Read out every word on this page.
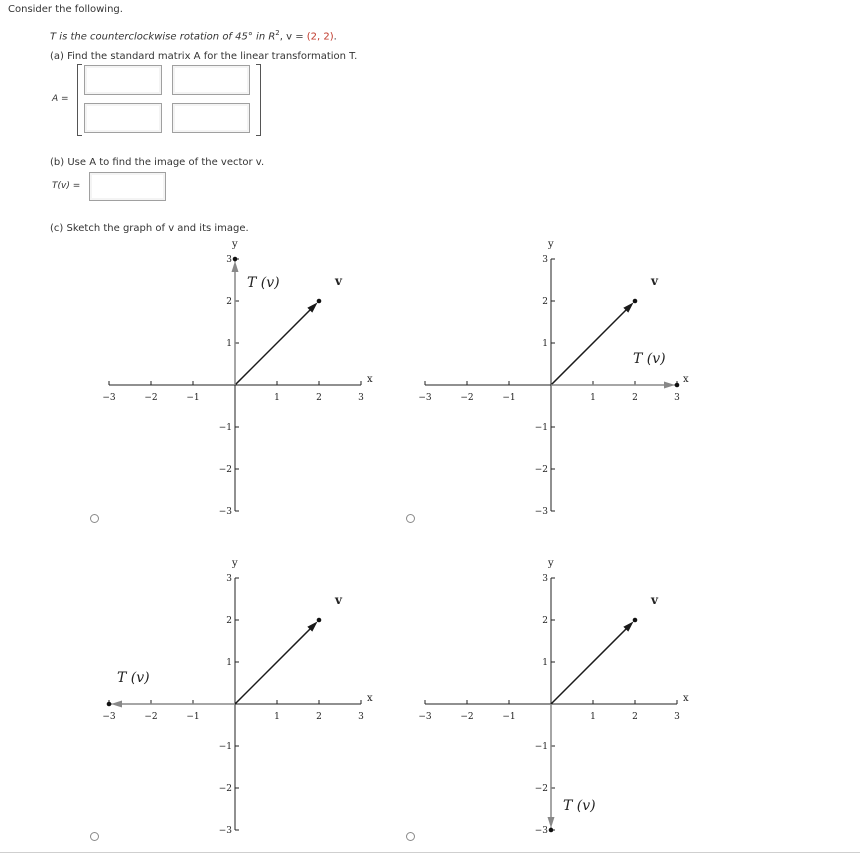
Consider the following.
T is the counterclockwise rotation of 45° in $R^2$, v = (2, 2).
(a) Find the standard matrix A for the linear transformation T.
A =
(b) Use A to find the image of the vector v.
T(v) =
(c) Sketch the graph of v and its image.
−3
−3
−2
−2
−1
−1
1
1
2
2
3
3
x
y
v
T (v)
−3
−3
−2
−2
−1
−1
1
1
2
2
3
3
x
y
v
T (v)
−3
−3
−2
−2
−1
−1
1
1
2
2
3
3
x
y
v
T (v)
−3
−3
−2
−2
−1
−1
1
1
2
2
3
3
x
y
v
T (v)
